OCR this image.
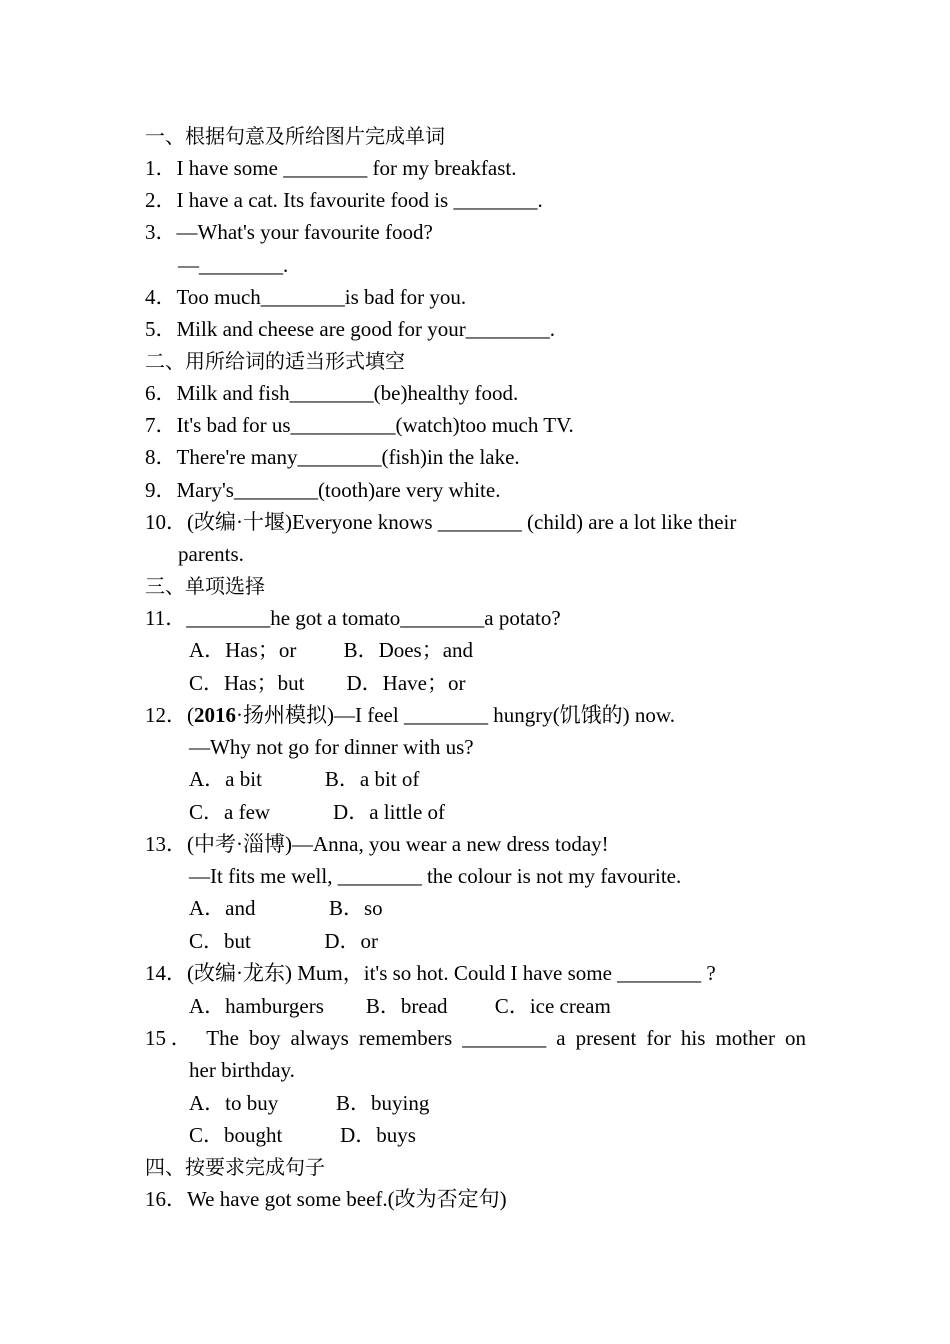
一、根据句意及所给图片完成单词
1．I have some ________ for my breakfast.
2．I have a cat. Its favourite food is ________.
3．—What's your favourite food?
—________.
4．Too much________is bad for you.
5．Milk and cheese are good for your________.
二、用所给词的适当形式填空
6．Milk and fish________(be)healthy food.
7．It's bad for us__________(watch)too much TV.
8．There're many________(fish)in the lake.
9．Mary's________(tooth)are very white.
10．(改编·十堰)Everyone knows ________ (child) are a lot like their
parents.
三、单项选择
11．________he got a tomato________a potato?
A．Has；or         B．Does；and
C．Has；but        D．Have；or
12．(2016·扬州模拟)—I feel ________ hungry(饥饿的) now.
—Why not go for dinner with us?
A．a bit            B．a bit of
C．a few            D．a little of
13．(中考·淄博)—Anna, you wear a new dress today!
—It fits me well, ________ the colour is not my favourite.
A．and              B．so
C．but              D．or
14．(改编·龙东) Mum，it's so hot. Could I have some ________ ?
A．hamburgers        B．bread         C．ice cream
15． The boy always remembers ________ a present for his mother on
her birthday.
A．to buy           B．buying
C．bought           D．buys
四、按要求完成句子
16．We have got some beef.(改为否定句)
